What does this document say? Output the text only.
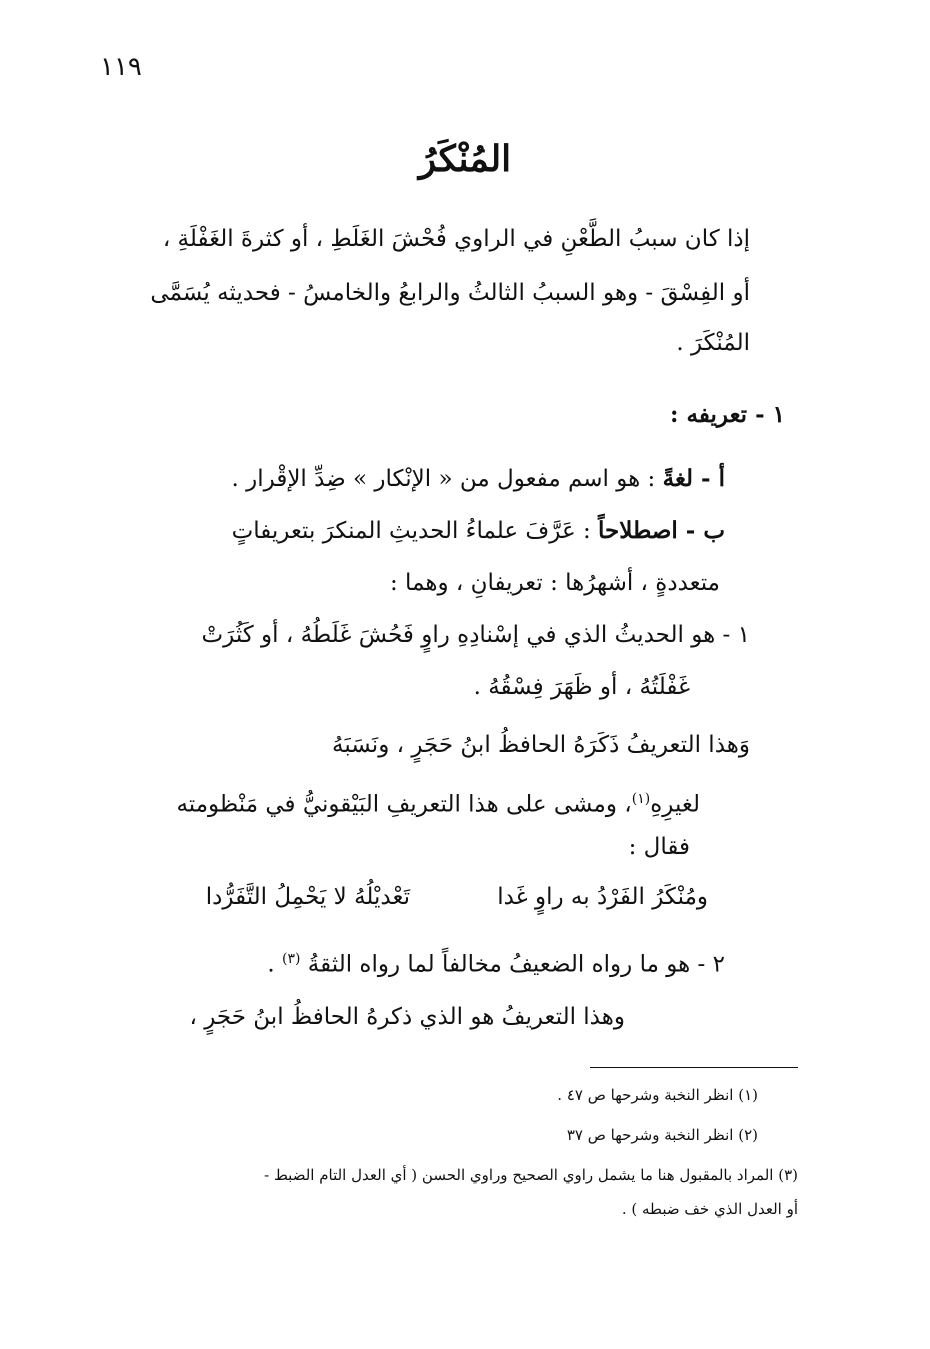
١١٩
المُنْكَرُ
إذا كان سببُ الطَّعْنِ في الراوي فُحْشَ الغَلَطِ ، أو كثرةَ الغَفْلَةِ ،
أو الفِسْقَ - وهو السببُ الثالثُ والرابعُ والخامسُ - فحديثه يُسَمَّى
المُنْكَرَ .
١ - تعريفه :
أ - لغةً : هو اسم مفعول من « الإنْكار » ضِدِّ الإقْرار .
ب - اصطلاحاً : عَرَّفَ علماءُ الحديثِ المنكرَ بتعريفاتٍ
متعددةٍ ، أشهرُها : تعريفانِ ، وهما :
١ - هو الحديثُ الذي في إسْنادِهِ راوٍ فَحُشَ غَلَطُهُ ، أو كَثُرَتْ
غَفْلَتُهُ ، أو ظَهَرَ فِسْقُهُ .
وَهذا التعريفُ ذَكَرَهُ الحافظُ ابنُ حَجَرٍ ، ونَسَبَهُ
لغيرِهِ$^{(١)}$، ومشى على هذا التعريفِ البَيْقونيُّ في مَنْظومته
فقال :
ومُنْكَرُ الفَرْدُ به راوٍ غَدا
تَعْديْلُهُ لا يَحْمِلُ التَّفَرُّدا
٢ - هو ما رواه الضعيفُ مخالفاً لما رواه الثقةُ $^{(٣)}$ .
وهذا التعريفُ هو الذي ذكرهُ الحافظُ ابنُ حَجَرٍ ،
(١) انظر النخبة وشرحها ص ٤٧ .
(٢) انظر النخبة وشرحها ص ٣٧
(٣) المراد بالمقبول هنا ما يشمل راوي الصحيح وراوي الحسن ( أي العدل التام الضبط -
أو العدل الذي خف ضبطه ) .
